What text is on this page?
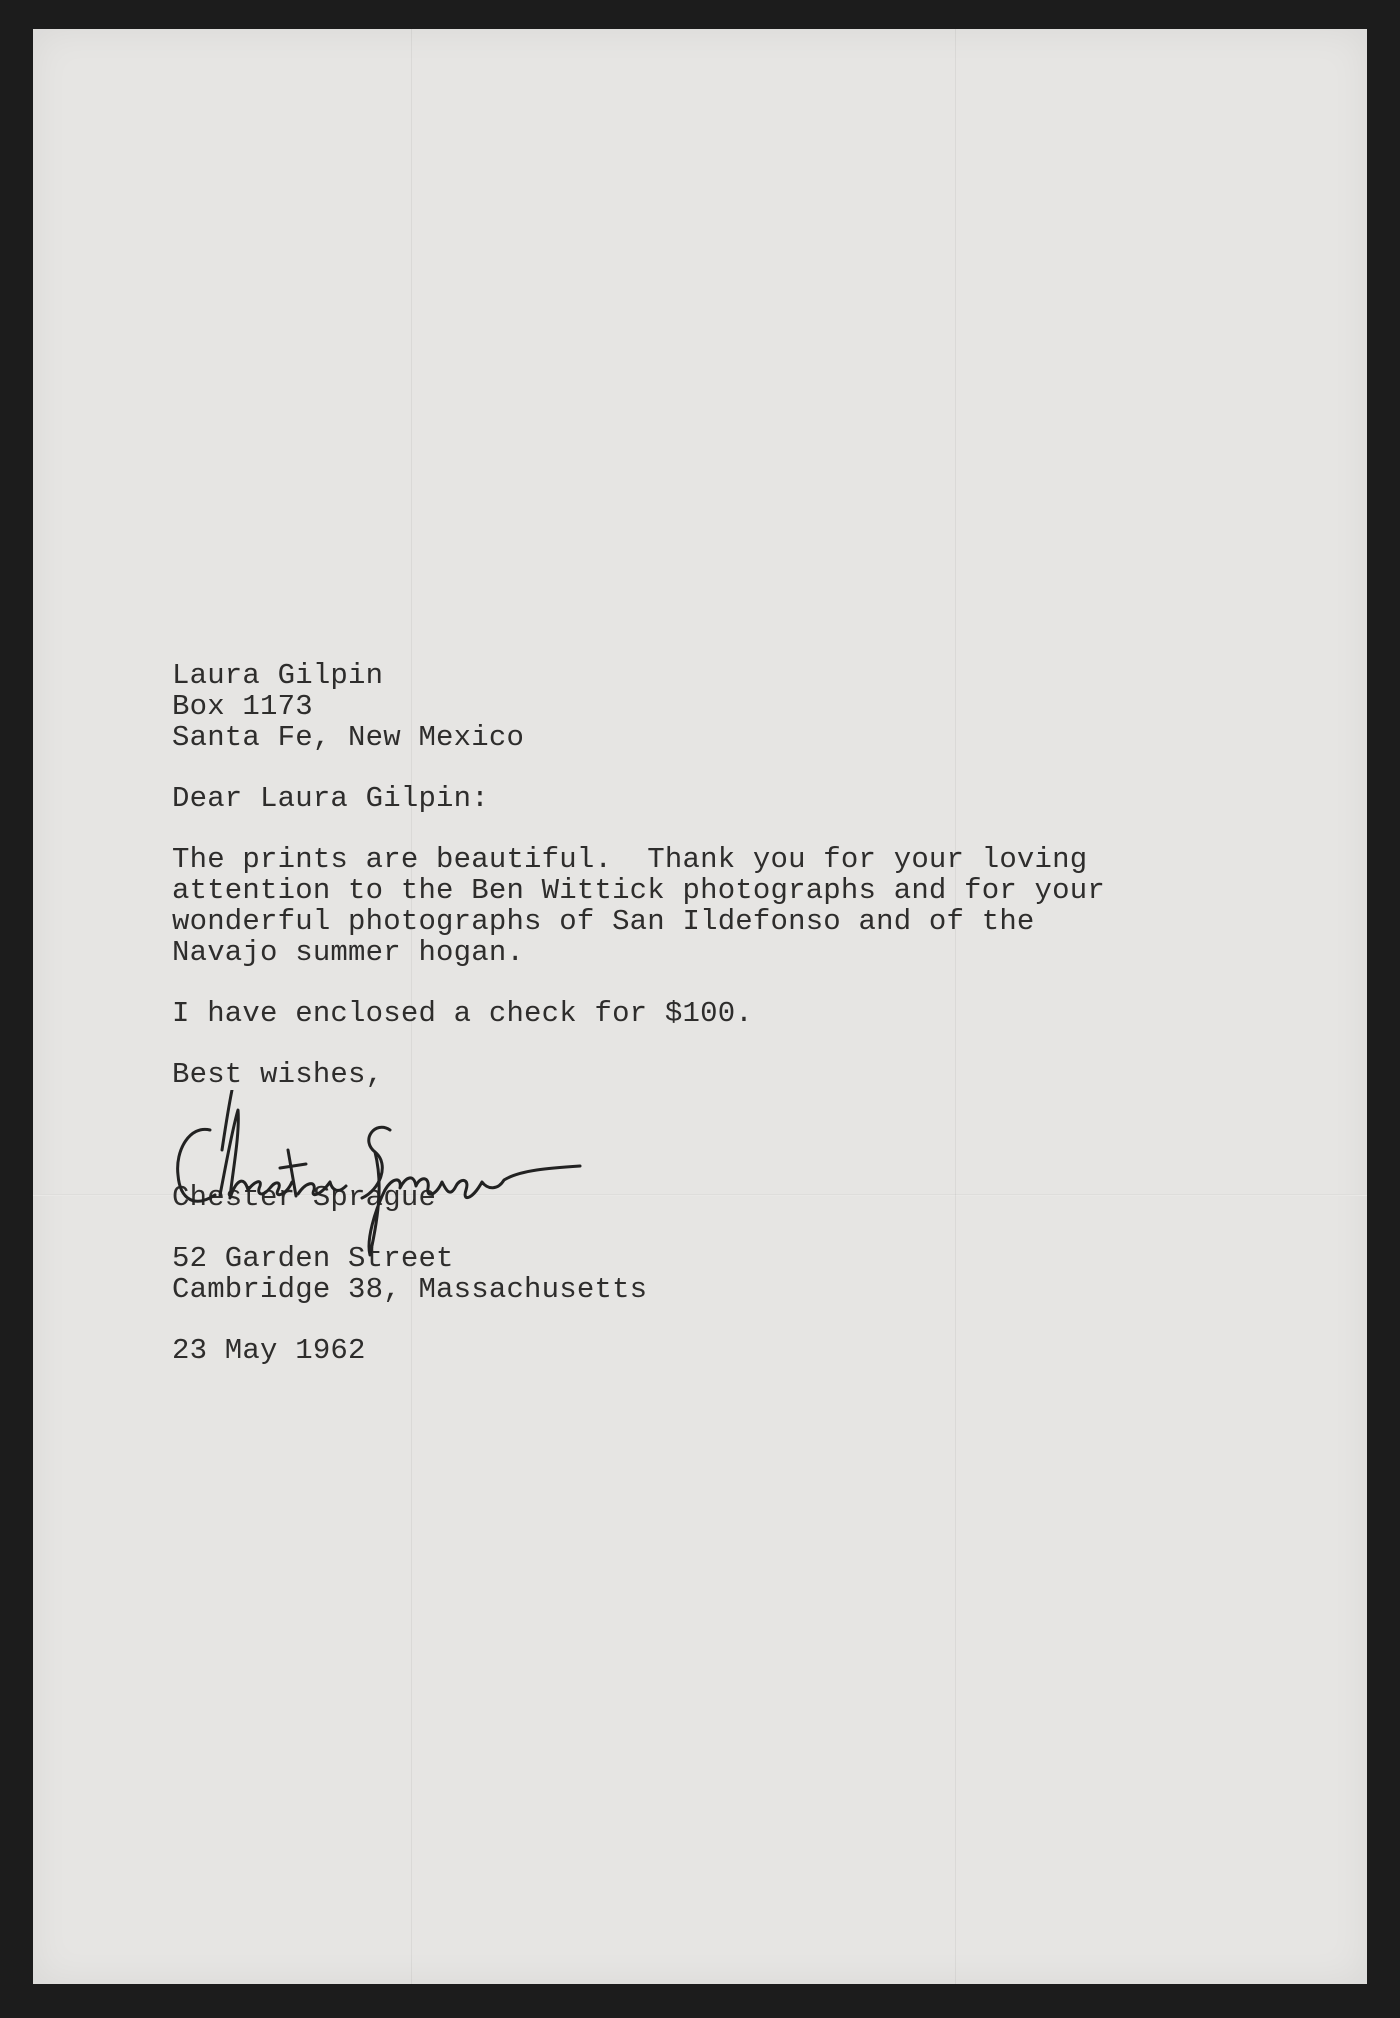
Laura Gilpin
Box 1173
Santa Fe, New Mexico
Dear Laura Gilpin:
The prints are beautiful.  Thank you for your loving
attention to the Ben Wittick photographs and for your
wonderful photographs of San Ildefonso and of the
Navajo summer hogan.
I have enclosed a check for $100.
Best wishes,
Chester Sprague
52 Garden Street
Cambridge 38, Massachusetts
23 May 1962
